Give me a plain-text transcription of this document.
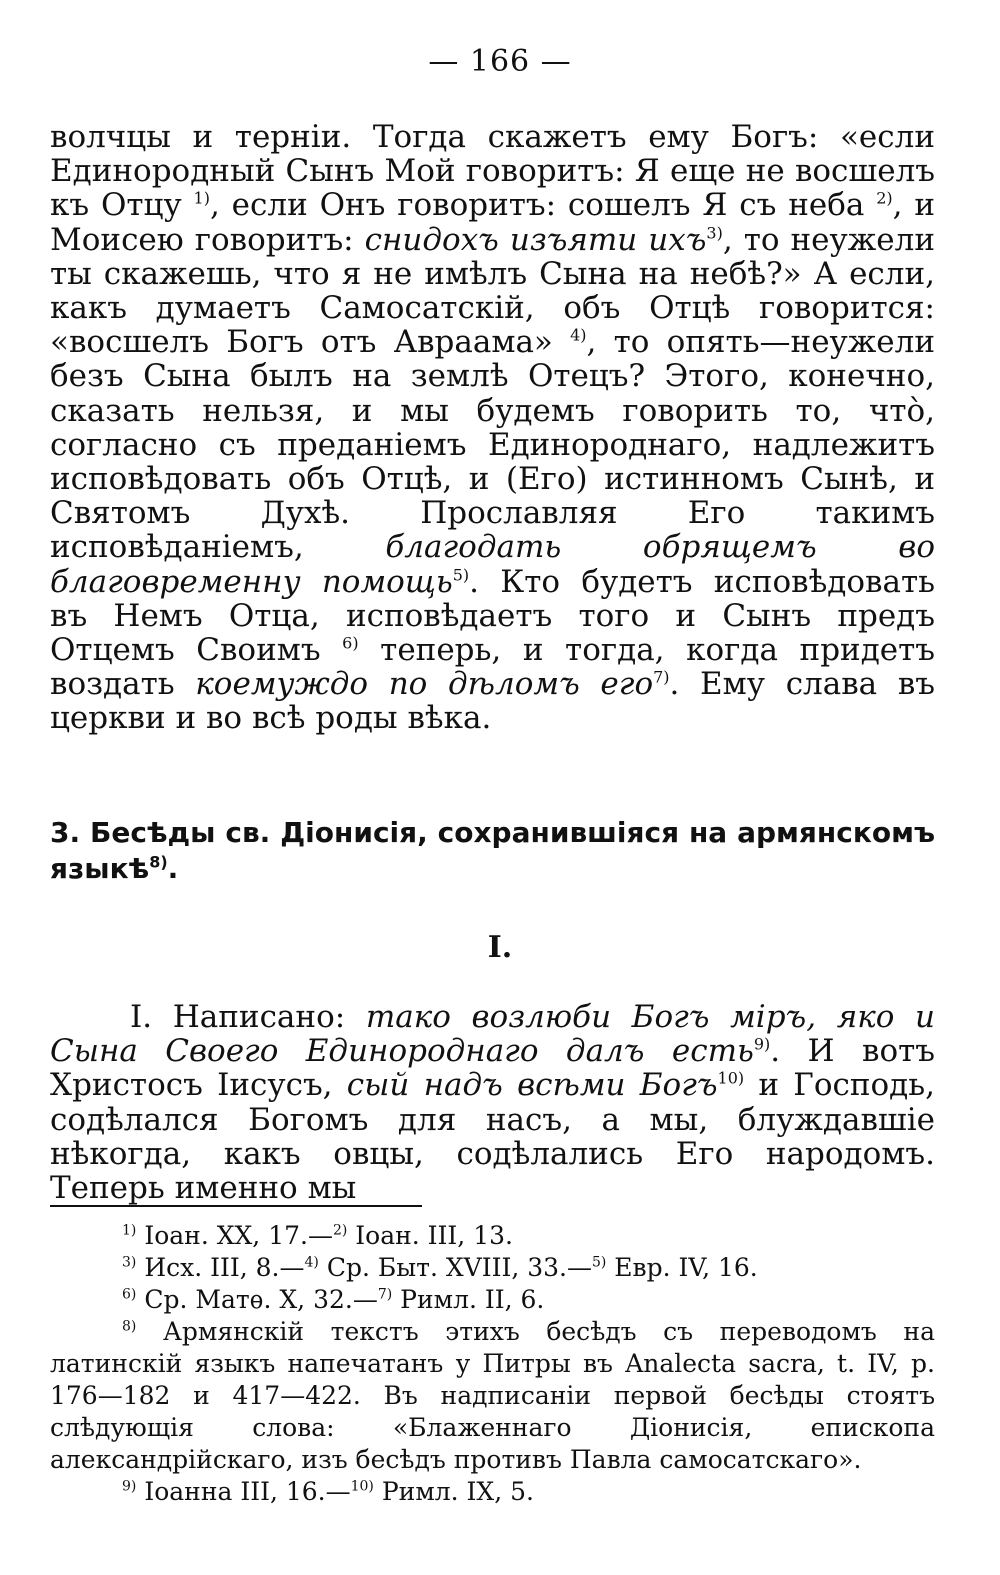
— 166 —
волчцы и терніи. Тогда скажетъ ему Богъ: «если Единородный Сынъ Мой говоритъ: Я еще не восшелъ къ Отцу $^{1)}$, если Онъ говоритъ: сошелъ Я съ неба $^{2)}$, и Моисею говоритъ: снидохъ изъяти ихъ$^{3)}$, то неужели ты скажешь, что я не имѣлъ Сына на небѣ?» А если, какъ думаетъ Самосатскій, объ Отцѣ говорится: «восшелъ Богъ отъ Авраама» $^{4)}$, то опять—неужели безъ Сына былъ на землѣ Отецъ? Этого, конечно, сказать нельзя, и мы будемъ говорить то, что̀, согласно съ преданіемъ Единороднаго, надлежитъ исповѣдовать объ Отцѣ, и (Его) истинномъ Сынѣ, и Святомъ Духѣ. Прославляя Его такимъ исповѣданіемъ, благодать обрящемъ во благовременну помощь$^{5)}$. Кто будетъ исповѣдовать въ Немъ Отца, исповѣдаетъ того и Сынъ предъ Отцемъ Своимъ $^{6)}$ теперь, и тогда, когда придетъ воздать коемуждо по дѣломъ его$^{7)}$. Ему слава въ церкви и во всѣ роды вѣка.
3. Бесѣды св. Діонисія, сохранившіяся на армянскомъ языкѣ$^{8)}$.
I.
I. Написано: тако возлюби Богъ міръ, яко и Сына Своего Единороднаго далъ есть$^{9)}$. И вотъ Христосъ Іисусъ, сый надъ всѣми Богъ$^{10)}$ и Господь, содѣлался Богомъ для насъ, а мы, блуждавшіе нѣкогда, какъ овцы, содѣлались Его народомъ. Теперь именно мы
$^{1)}$ Іоан. XX, 17.—$^{2)}$ Іоан. III, 13.
$^{3)}$ Исх. III, 8.—$^{4)}$ Ср. Быт. XVIII, 33.—$^{5)}$ Евр. IV, 16.
$^{6)}$ Ср. Матѳ. X, 32.—$^{7)}$ Римл. II, 6.
$^{8)}$ Армянскій текстъ этихъ бесѣдъ съ переводомъ на латинскій языкъ напечатанъ у Питры въ Analecta sacra, t. IV, p. 176—182 и 417—422. Въ надписаніи первой бесѣды стоятъ слѣдующія слова: «Блаженнаго Діонисія, епископа александрійскаго, изъ бесѣдъ противъ Павла самосатскаго».
$^{9)}$ Іоанна III, 16.—$^{10)}$ Римл. IX, 5.
